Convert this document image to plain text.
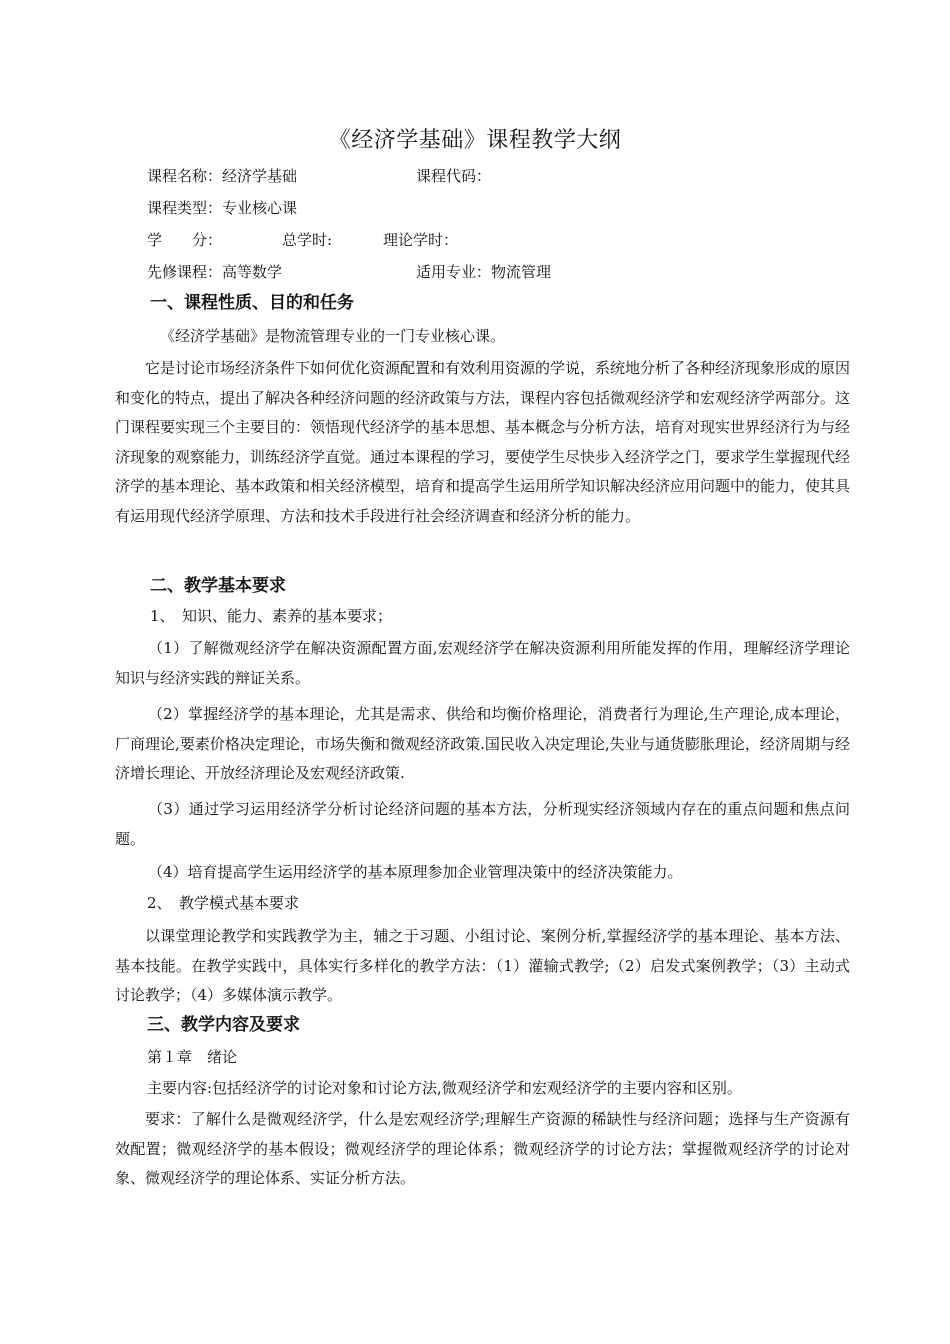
《经济学基础》课程教学大纲
课程名称：经济学基础	课程代码：
课程类型：专业核心课
学　　分：	总学时:	理论学时：
先修课程：高等数学	适用专业：物流管理
一、课程性质、目的和任务
《经济学基础》是物流管理专业的一门专业核心课。
它是讨论市场经济条件下如何优化资源配置和有效利用资源的学说，系统地分析了各种经济现象形成的原因和变化的特点，提出了解决各种经济问题的经济政策与方法，课程内容包括微观经济学和宏观经济学两部分。这门课程要实现三个主要目的：领悟现代经济学的基本思想、基本概念与分析方法，培育对现实世界经济行为与经济现象的观察能力，训练经济学直觉。通过本课程的学习，要使学生尽快步入经济学之门，要求学生掌握现代经济学的基本理论、基本政策和相关经济模型，培育和提高学生运用所学知识解决经济应用问题中的能力，使其具有运用现代经济学原理、方法和技术手段进行社会经济调查和经济分析的能力。
二、教学基本要求
1、　知识、能力、素养的基本要求；
（1）了解微观经济学在解决资源配置方面,宏观经济学在解决资源利用所能发挥的作用，理解经济学理论知识与经济实践的辩证关系。
（2）掌握经济学的基本理论，尤其是需求、供给和均衡价格理论，消费者行为理论,生产理论,成本理论，厂商理论,要素价格决定理论，市场失衡和微观经济政策.国民收入决定理论,失业与通货膨胀理论，经济周期与经济增长理论、开放经济理论及宏观经济政策.
（3）通过学习运用经济学分析讨论经济问题的基本方法，分析现实经济领域内存在的重点问题和焦点问题。
（4）培育提高学生运用经济学的基本原理参加企业管理决策中的经济决策能力。
2、　教学模式基本要求
以课堂理论教学和实践教学为主，辅之于习题、小组讨论、案例分析,掌握经济学的基本理论、基本方法、基本技能。在教学实践中，具体实行多样化的教学方法：（1）灌输式教学;（2）启发式案例教学；（3）主动式讨论教学；（4）多媒体演示教学。
三、教学内容及要求
第１章　绪论
主要内容:包括经济学的讨论对象和讨论方法,微观经济学和宏观经济学的主要内容和区别。
要求：了解什么是微观经济学，什么是宏观经济学;理解生产资源的稀缺性与经济问题；选择与生产资源有效配置；微观经济学的基本假设；微观经济学的理论体系；微观经济学的讨论方法；掌握微观经济学的讨论对象、微观经济学的理论体系、实证分析方法。
